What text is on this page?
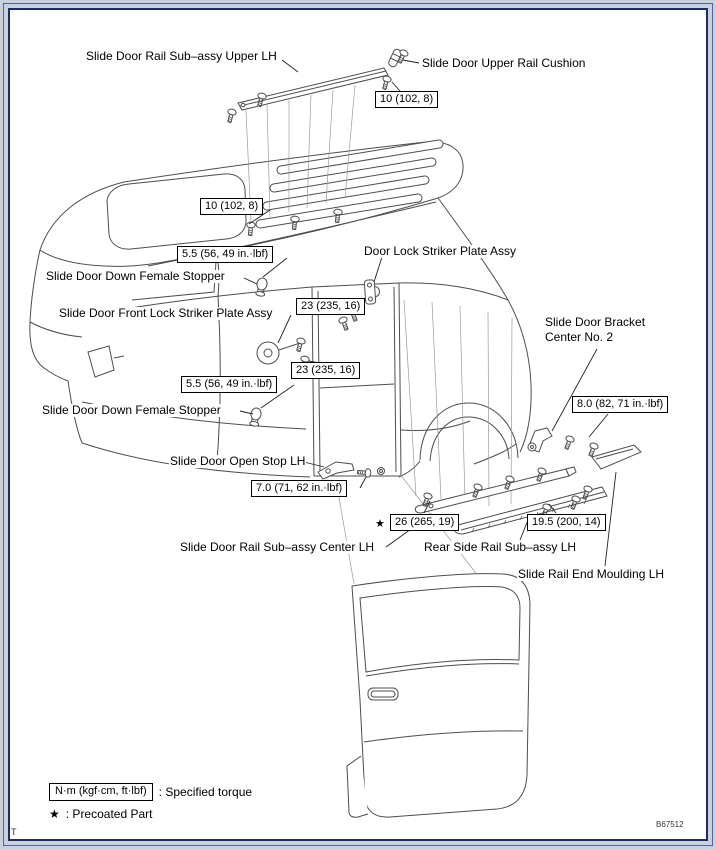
Slide Door Rail Sub–assy Upper LH	Slide Door Upper Rail Cushion
Door Lock Striker Plate Assy
Slide Door Down Female Stopper
Slide Door Front Lock Striker Plate Assy
Slide Door Down Female Stopper
Slide Door Bracket
Center No. 2
Slide Door Open Stop LH
Slide Door Rail Sub–assy Center LH	Rear Side Rail Sub–assy LH
Slide Rail End Moulding LH
10 (102, 8)
10 (102, 8)
5.5 (56, 49 in.·lbf)
23 (235, 16)
23 (235, 16)
5.5 (56, 49 in.·lbf)
8.0 (82, 71 in.·lbf)
7.0 (71, 62 in.·lbf)
★ 26 (265, 19)	19.5 (200, 14)
N·m (kgf·cm, ft·lbf)	: Specified torque
★ : Precoated Part
B67512
T
